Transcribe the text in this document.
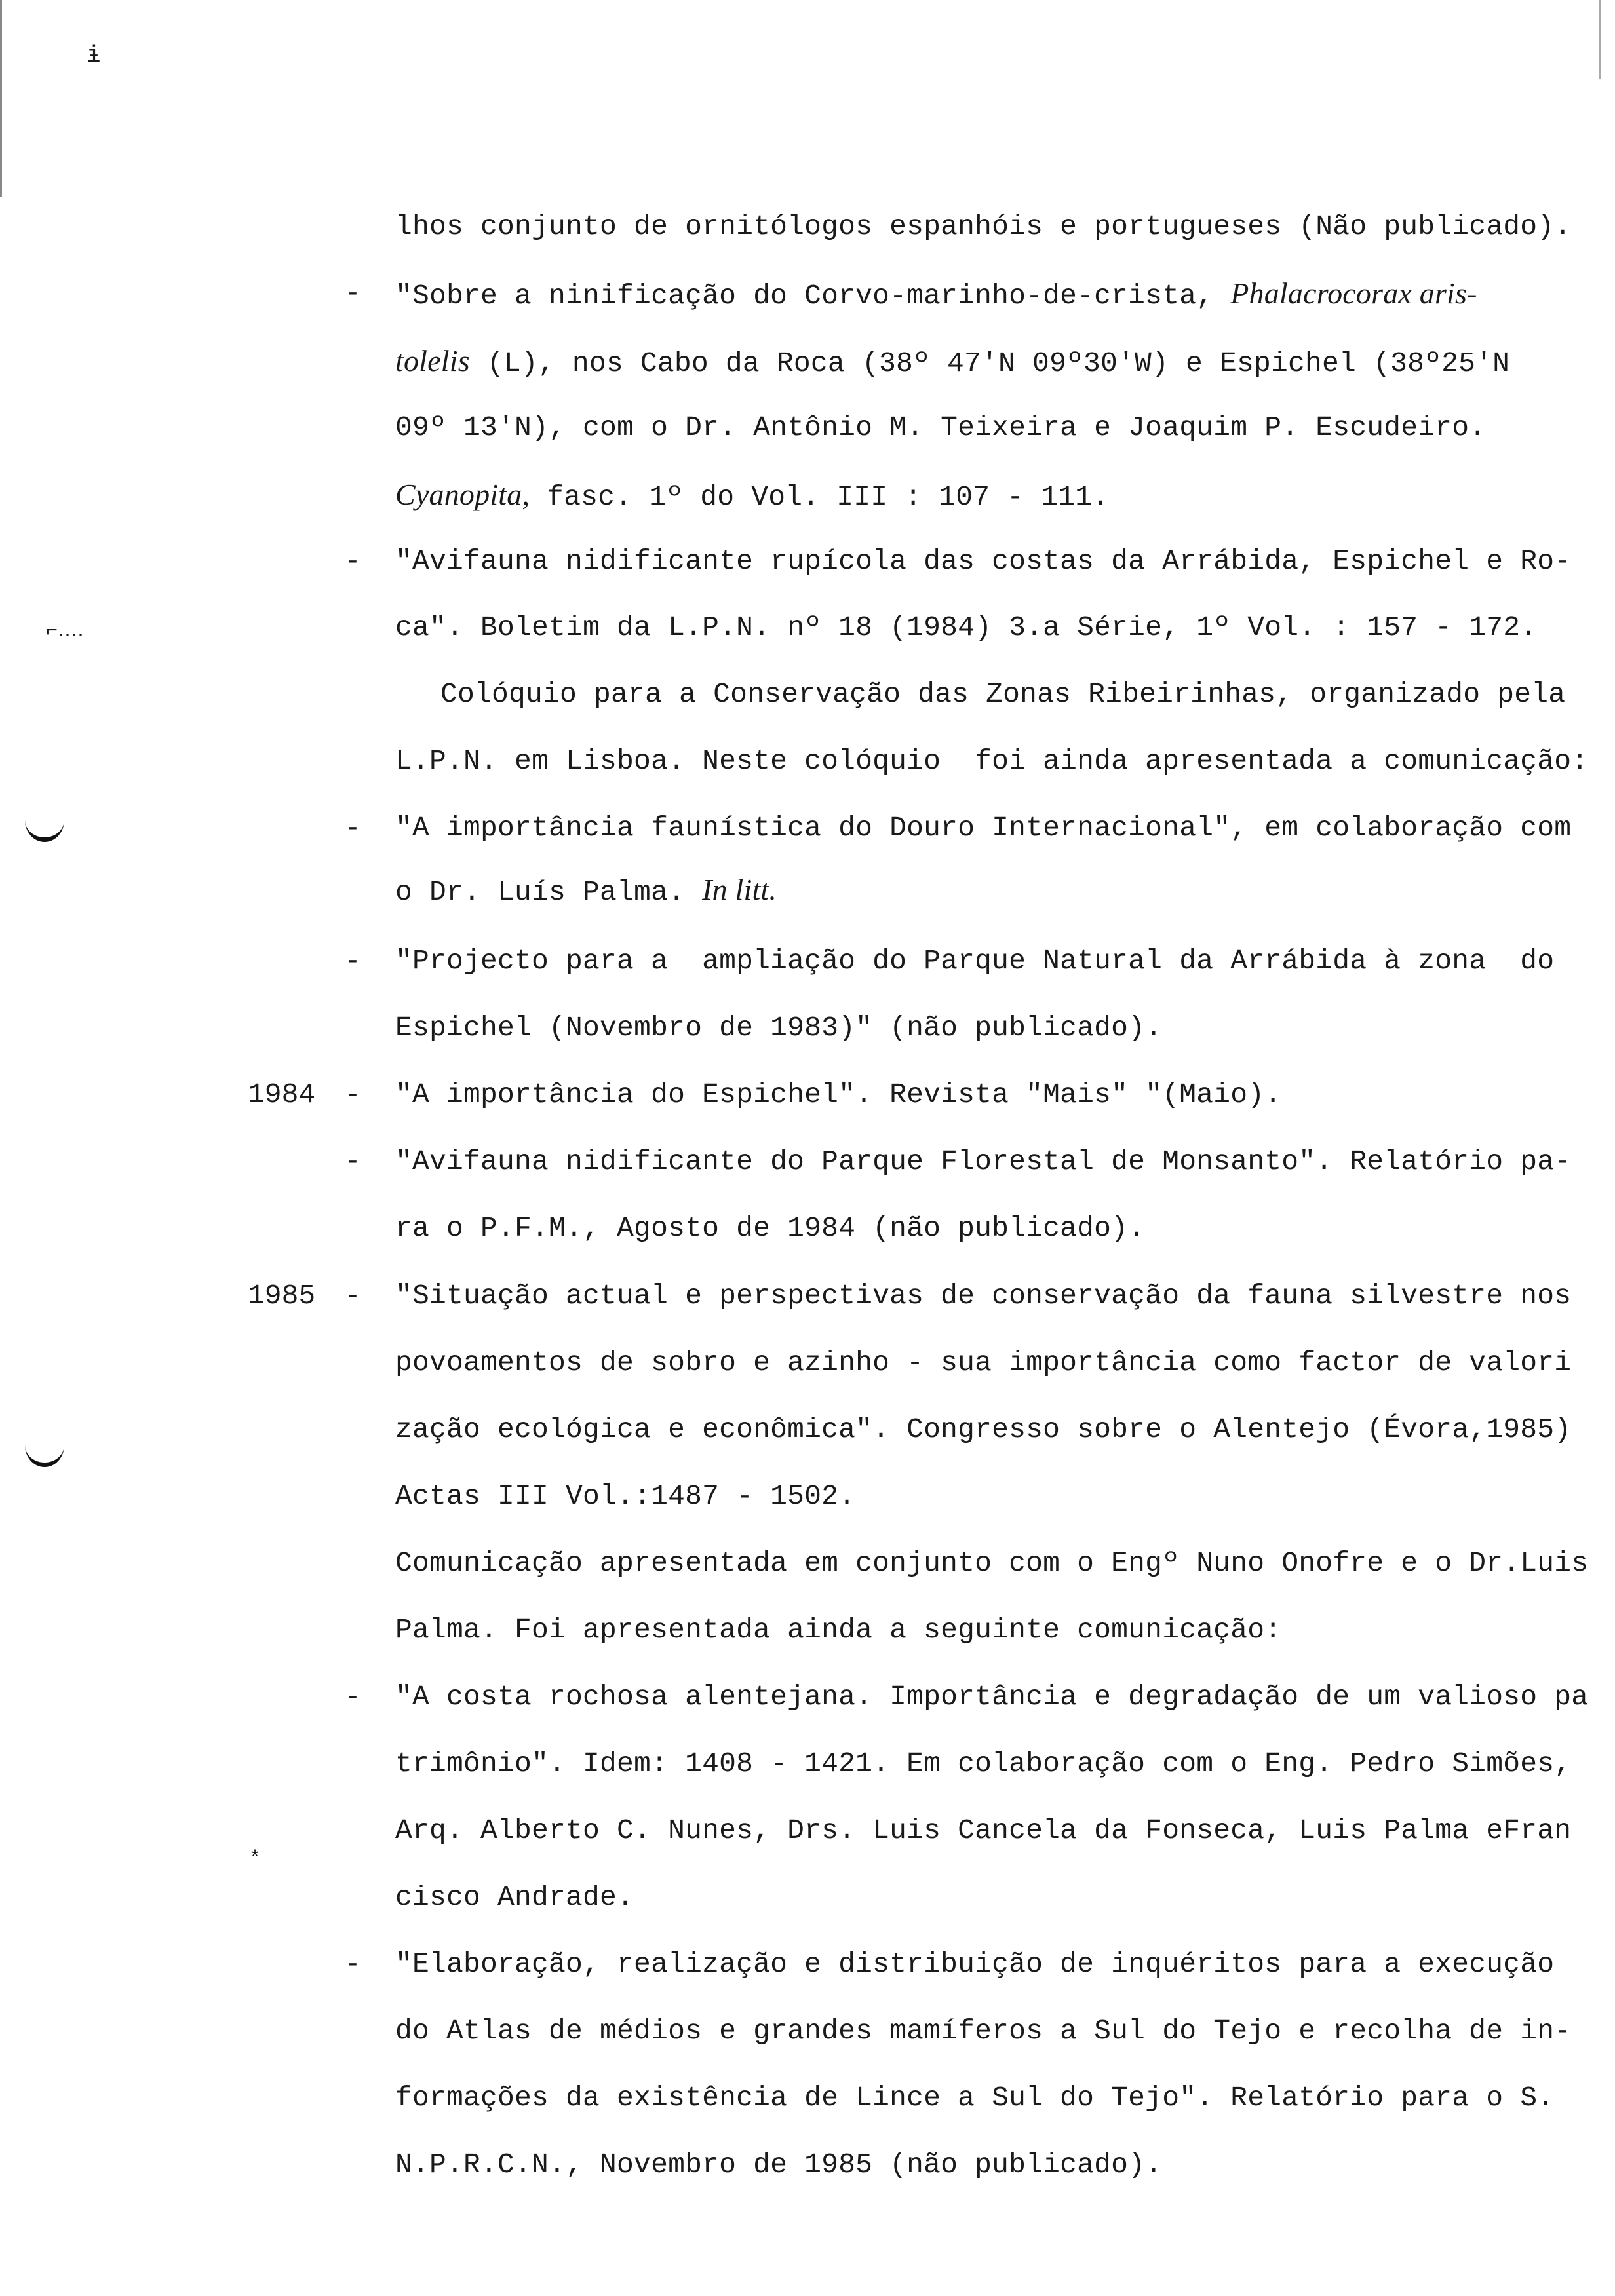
ɨ
⌐‥‥
*
lhos conjunto de ornitólogos espanhóis e portugueses (Não publicado).
- "Sobre a ninificação do Corvo-marinho-de-crista, Phalacrocorax aris-
tolelis (L), nos Cabo da Roca (38º 47'N 09º30'W) e Espichel (38º25'N
09º 13'N), com o Dr. Antônio M. Teixeira e Joaquim P. Escudeiro.
Cyanopita, fasc. 1º do Vol. III : 107 - 111.
- "Avifauna nidificante rupícola das costas da Arrábida, Espichel e Ro-
ca". Boletim da L.P.N. nº 18 (1984) 3.a Série, 1º Vol. : 157 - 172.
Colóquio para a Conservação das Zonas Ribeirinhas, organizado pela
L.P.N. em Lisboa. Neste colóquio  foi ainda apresentada a comunicação:
- "A importância faunística do Douro Internacional", em colaboração com
o Dr. Luís Palma. In litt.
- "Projecto para a  ampliação do Parque Natural da Arrábida à zona  do
Espichel (Novembro de 1983)" (não publicado).
1984 - "A importância do Espichel". Revista "Mais" "(Maio).
- "Avifauna nidificante do Parque Florestal de Monsanto". Relatório pa-
ra o P.F.M., Agosto de 1984 (não publicado).
1985 - "Situação actual e perspectivas de conservação da fauna silvestre nos
povoamentos de sobro e azinho - sua importância como factor de valori
zação ecológica e econômica". Congresso sobre o Alentejo (Évora,1985)
Actas III Vol.:1487 - 1502.
Comunicação apresentada em conjunto com o Engº Nuno Onofre e o Dr.Luis
Palma. Foi apresentada ainda a seguinte comunicação:
- "A costa rochosa alentejana. Importância e degradação de um valioso pa
trimônio". Idem: 1408 - 1421. Em colaboração com o Eng. Pedro Simões,
Arq. Alberto C. Nunes, Drs. Luis Cancela da Fonseca, Luis Palma eFran
cisco Andrade.
- "Elaboração, realização e distribuição de inquéritos para a execução
do Atlas de médios e grandes mamíferos a Sul do Tejo e recolha de in-
formações da existência de Lince a Sul do Tejo". Relatório para o S.
N.P.R.C.N., Novembro de 1985 (não publicado).
